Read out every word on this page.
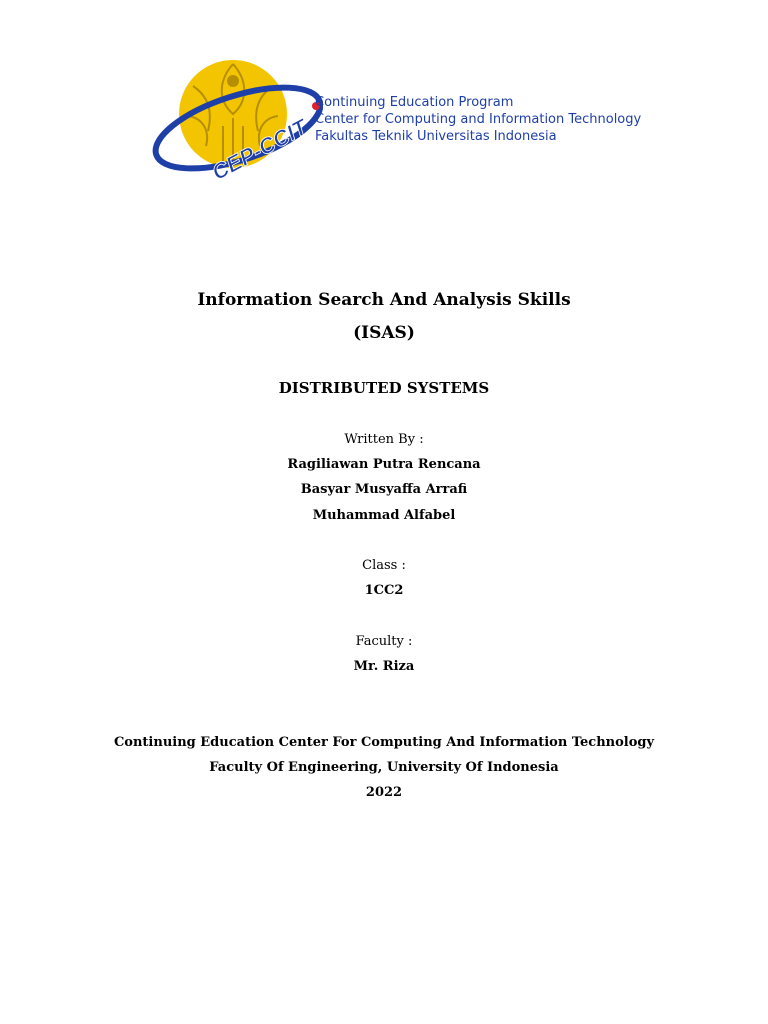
CEP-CCIT
Continuing Education Program
Center for Computing and Information Technology
Fakultas Teknik Universitas Indonesia
Information Search And Analysis Skills
(ISAS)
DISTRIBUTED SYSTEMS
Written By :
Ragiliawan Putra Rencana
Basyar Musyaffa Arrafi
Muhammad Alfabel
Class :
1CC2
Faculty :
Mr. Riza
Continuing Education Center For Computing And Information Technology
Faculty Of Engineering, University Of Indonesia
2022
